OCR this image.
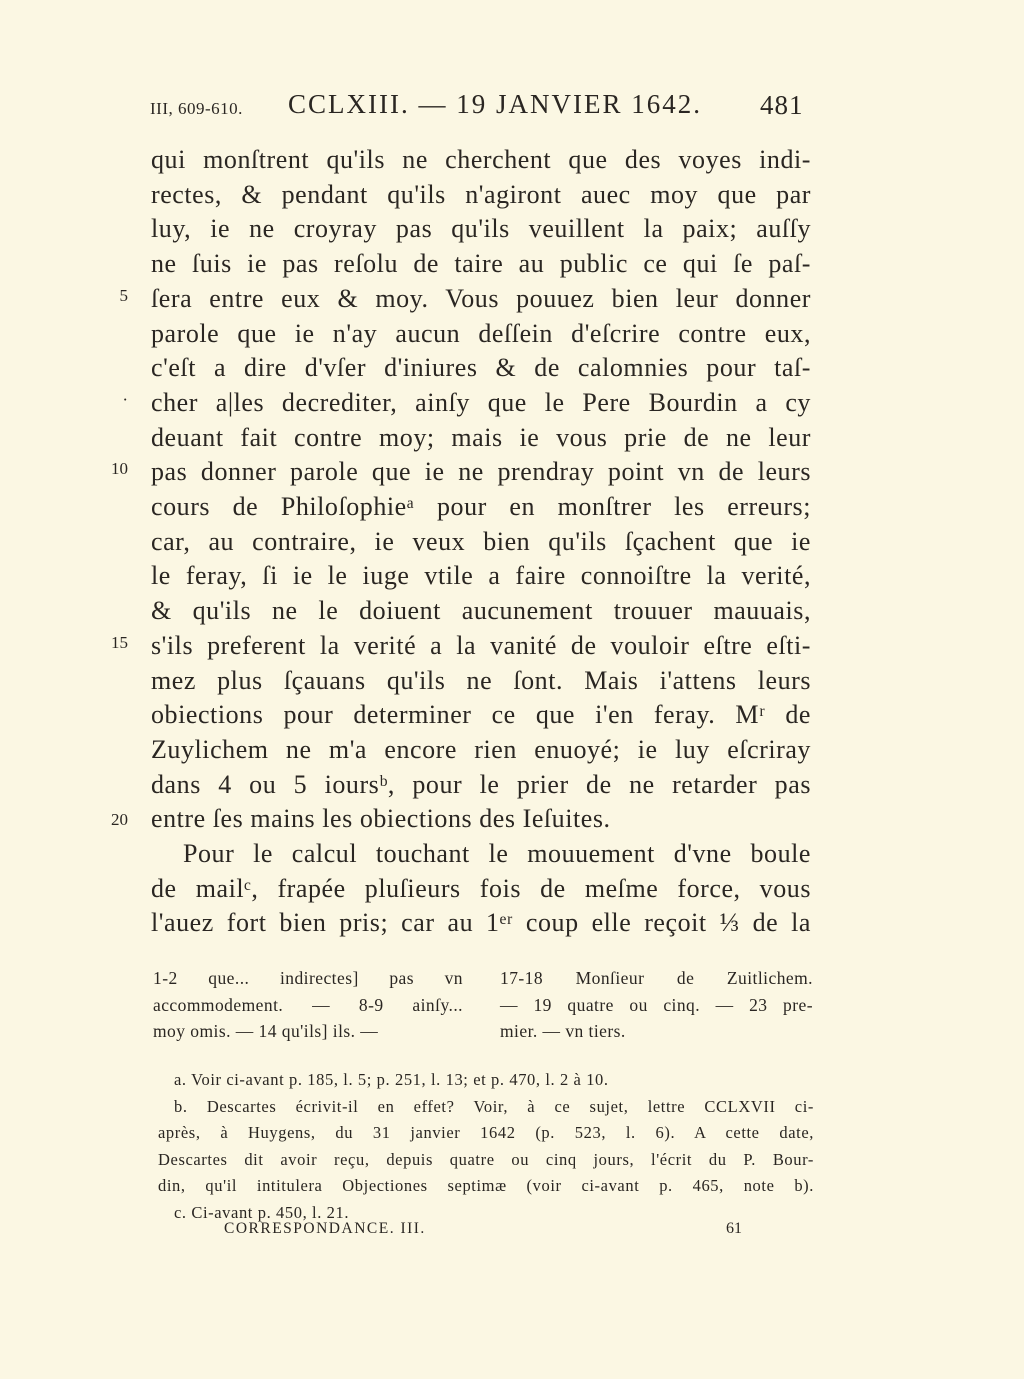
III, 609-610. CCLXIII. — 19 JANVIER 1642. 481
qui monſtrent qu'ils ne cherchent que des voyes indi-
rectes, & pendant qu'ils n'agiront auec moy que par
luy, ie ne croyray pas qu'ils veuillent la paix; auſſy
ne ſuis ie pas reſolu de taire au public ce qui ſe paſ-
5 ſera entre eux & moy. Vous pouuez bien leur donner
parole que ie n'ay aucun deſſein d'eſcrire contre eux,
c'eſt a dire d'vſer d'iniures & de calomnies pour taſ-
· cher a|les decrediter, ainſy que le Pere Bourdin a cy
deuant fait contre moy; mais ie vous prie de ne leur
10 pas donner parole que ie ne prendray point vn de leurs
cours de Philoſophieᵃ pour en monſtrer les erreurs;
car, au contraire, ie veux bien qu'ils ſçachent que ie
le feray, ſi ie le iuge vtile a faire connoiſtre la verité,
& qu'ils ne le doiuent aucunement trouuer mauuais,
15 s'ils preferent la verité a la vanité de vouloir eſtre eſti-
mez plus ſçauans qu'ils ne ſont. Mais i'attens leurs
obiections pour determiner ce que i'en feray. Mʳ de
Zuylichem ne m'a encore rien enuoyé; ie luy eſcriray
dans 4 ou 5 ioursᵇ, pour le prier de ne retarder pas
20 entre ſes mains les obiections des Ieſuites.
Pour le calcul touchant le mouuement d'vne boule
de mailᶜ, frapée pluſieurs fois de meſme force, vous
l'auez fort bien pris; car au 1ᵉʳ coup elle reçoit ⅓ de la
1-2 que... indirectes] pas vn
accommodement. — 8-9 ainſy...
moy omis. — 14 qu'ils] ils. —
17-18 Monſieur de Zuitlichem.
— 19 quatre ou cinq. — 23 pre-
mier. — vn tiers.
a. Voir ci-avant p. 185, l. 5; p. 251, l. 13; et p. 470, l. 2 à 10.
b. Descartes écrivit-il en effet? Voir, à ce sujet, lettre CCLXVII ci-
après, à Huygens, du 31 janvier 1642 (p. 523, l. 6). A cette date,
Descartes dit avoir reçu, depuis quatre ou cinq jours, l'écrit du P. Bour-
din, qu'il intitulera Objectiones septimæ (voir ci-avant p. 465, note b).
c. Ci-avant p. 450, l. 21.
CORRESPONDANCE. III.	61
